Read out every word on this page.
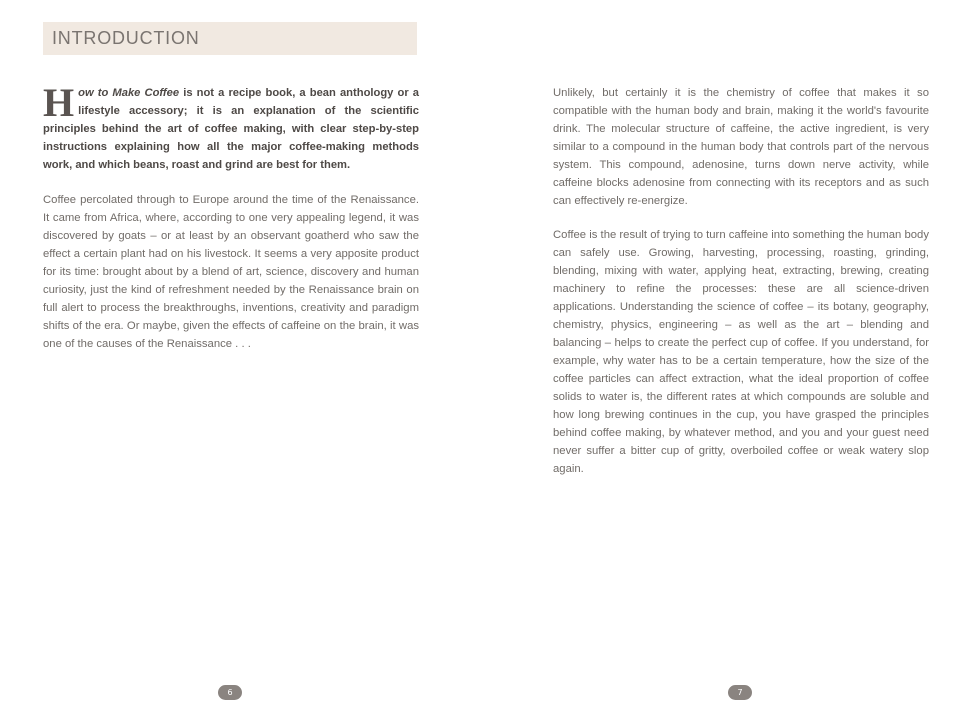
INTRODUCTION
How to Make Coffee is not a recipe book, a bean anthology or a lifestyle accessory; it is an explanation of the scientific principles behind the art of coffee making, with clear step-by-step instructions explaining how all the major coffee-making methods work, and which beans, roast and grind are best for them.
Coffee percolated through to Europe around the time of the Renaissance. It came from Africa, where, according to one very appealing legend, it was discovered by goats – or at least by an observant goatherd who saw the effect a certain plant had on his livestock. It seems a very apposite product for its time: brought about by a blend of art, science, discovery and human curiosity, just the kind of refreshment needed by the Renaissance brain on full alert to process the breakthroughs, inventions, creativity and paradigm shifts of the era. Or maybe, given the effects of caffeine on the brain, it was one of the causes of the Renaissance . . .
Unlikely, but certainly it is the chemistry of coffee that makes it so compatible with the human body and brain, making it the world's favourite drink. The molecular structure of caffeine, the active ingredient, is very similar to a compound in the human body that controls part of the nervous system. This compound, adenosine, turns down nerve activity, while caffeine blocks adenosine from connecting with its receptors and as such can effectively re-energize.
Coffee is the result of trying to turn caffeine into something the human body can safely use. Growing, harvesting, processing, roasting, grinding, blending, mixing with water, applying heat, extracting, brewing, creating machinery to refine the processes: these are all science-driven applications. Understanding the science of coffee – its botany, geography, chemistry, physics, engineering – as well as the art – blending and balancing – helps to create the perfect cup of coffee. If you understand, for example, why water has to be a certain temperature, how the size of the coffee particles can affect extraction, what the ideal proportion of coffee solids to water is, the different rates at which compounds are soluble and how long brewing continues in the cup, you have grasped the principles behind coffee making, by whatever method, and you and your guest need never suffer a bitter cup of gritty, overboiled coffee or weak watery slop again.
6	7
